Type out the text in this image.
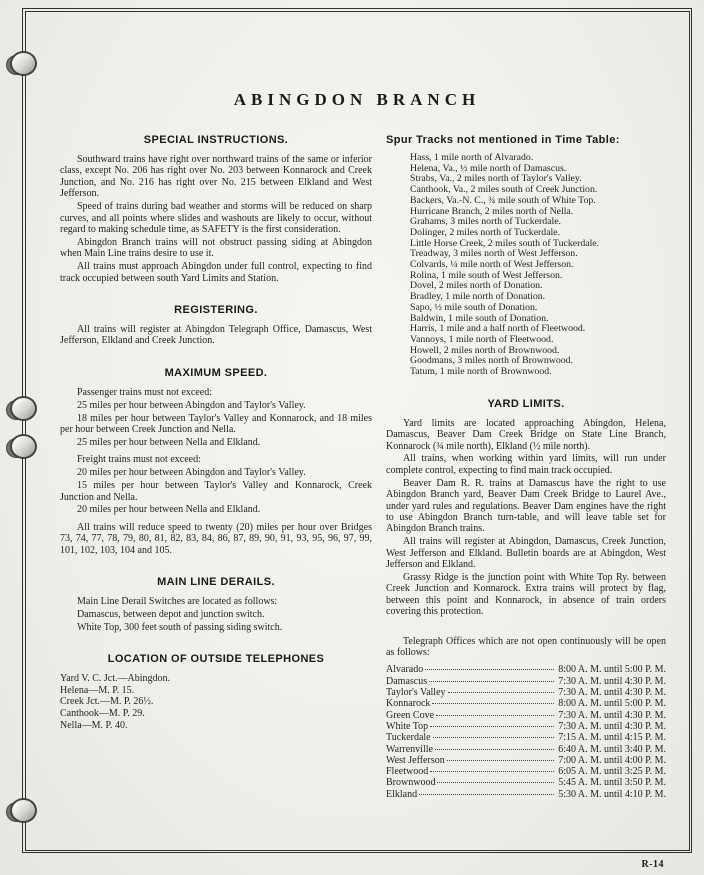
ABINGDON BRANCH
SPECIAL INSTRUCTIONS.

Southward trains have right over northward trains of the same or inferior class, except No. 206 has right over No. 203 between Konnarock and Creek Junction, and No. 216 has right over No. 215 between Elkland and West Jefferson.

Speed of trains during bad weather and storms will be reduced on sharp curves, and all points where slides and washouts are likely to occur, without regard to making schedule time, as SAFETY is the first consideration.

Abingdon Branch trains will not obstruct passing siding at Abingdon when Main Line trains desire to use it.

All trains must approach Abingdon under full control, expecting to find track occupied between south Yard Limits and Station.

REGISTERING.

All trains will register at Abingdon Telegraph Office, Damascus, West Jefferson, Elkland and Creek Junction.

MAXIMUM SPEED.

Passenger trains must not exceed:

25 miles per hour between Abingdon and Taylor's Valley.

18 miles per hour between Taylor's Valley and Konnarock, and 18 miles per hour between Creek Junction and Nella.

25 miles per hour between Nella and Elkland.

Freight trains must not exceed:

20 miles per hour between Abingdon and Taylor's Valley.

15 miles per hour between Taylor's Valley and Konnarock, Creek Junction and Nella.

20 miles per hour between Nella and Elkland.

All trains will reduce speed to twenty (20) miles per hour over Bridges 73, 74, 77, 78, 79, 80, 81, 82, 83, 84, 86, 87, 89, 90, 91, 93, 95, 96, 97, 99, 101, 102, 103, 104 and 105.

MAIN LINE DERAILS.

Main Line Derail Switches are located as follows:

Damascus, between depot and junction switch.

White Top, 300 feet south of passing siding switch.

LOCATION OF OUTSIDE TELEPHONES

Yard V. C. Jct.—Abingdon.

Helena—M. P. 15.

Creek Jct.—M. P. 26½.

Canthook—M. P. 29.

Nella—M. P. 40.

Spur Tracks not mentioned in Time Table:

Hass, 1 mile north of Alvarado.

Helena, Va., ½ mile north of Damascus.

Strabs, Va., 2 miles north of Taylor's Valley.

Canthook, Va., 2 miles south of Creek Junction.

Backers, Va.-N. C., ¾ mile south of White Top.

Hurricane Branch, 2 miles north of Nella.

Grahams, 3 miles north of Tuckerdale.

Dolinger, 2 miles north of Tuckerdale.

Little Horse Creek, 2 miles south of Tuckerdale.

Treadway, 3 miles north of West Jefferson.

Colvards, ¼ mile north of West Jefferson.

Rolina, 1 mile south of West Jefferson.

Dovel, 2 miles north of Donation.

Bradley, 1 mile north of Donation.

Sapo, ½ mile south of Donation.

Baldwin, 1 mile south of Donation.

Harris, 1 mile and a half north of Fleetwood.

Vannoys, 1 mile north of Fleetwood.

Howell, 2 miles north of Brownwood.

Goodmans, 3 miles north of Brownwood.

Tatum, 1 mile north of Brownwood.

YARD LIMITS.

Yard limits are located approaching Abingdon, Helena, Damascus, Beaver Dam Creek Bridge on State Line Branch, Konnarock (¾ mile north), Elkland (½ mile north).

All trains, when working within yard limits, will run under complete control, expecting to find main track occupied.

Beaver Dam R. R. trains at Damascus have the right to use Abingdon Branch yard, Beaver Dam Creek Bridge to Laurel Ave., under yard rules and regulations. Beaver Dam engines have the right to use Abingdon Branch turn-table, and will leave table set for Abingdon Branch trains.

All trains will register at Abingdon, Damascus, Creek Junction, West Jefferson and Elkland. Bulletin boards are at Abingdon, West Jefferson and Elkland.

Grassy Ridge is the junction point with White Top Ry. between Creek Junction and Konnarock. Extra trains will protect by flag, between this point and Konnarock, in absence of train orders covering this protection.

Telegraph Offices which are not open continuously will be open as follows:

Alvarado	8:00 A. M. until 5:00 P. M.
Damascus	7:30 A. M. until 4:30 P. M.
Taylor's Valley	7:30 A. M. until 4:30 P. M.
Konnarock	8:00 A. M. until 5:00 P. M.
Green Cove	7:30 A. M. until 4:30 P. M.
White Top	7:30 A. M. until 4:30 P. M.
Tuckerdale	7:15 A. M. until 4:15 P. M.
Warrenville	6:40 A. M. until 3:40 P. M.
West Jefferson	7:00 A. M. until 4:00 P. M.
Fleetwood	6:05 A. M. until 3:25 P. M.
Brownwood	5:45 A. M. until 3:50 P. M.
Elkland	5:30 A. M. until 4:10 P. M.
R-14
